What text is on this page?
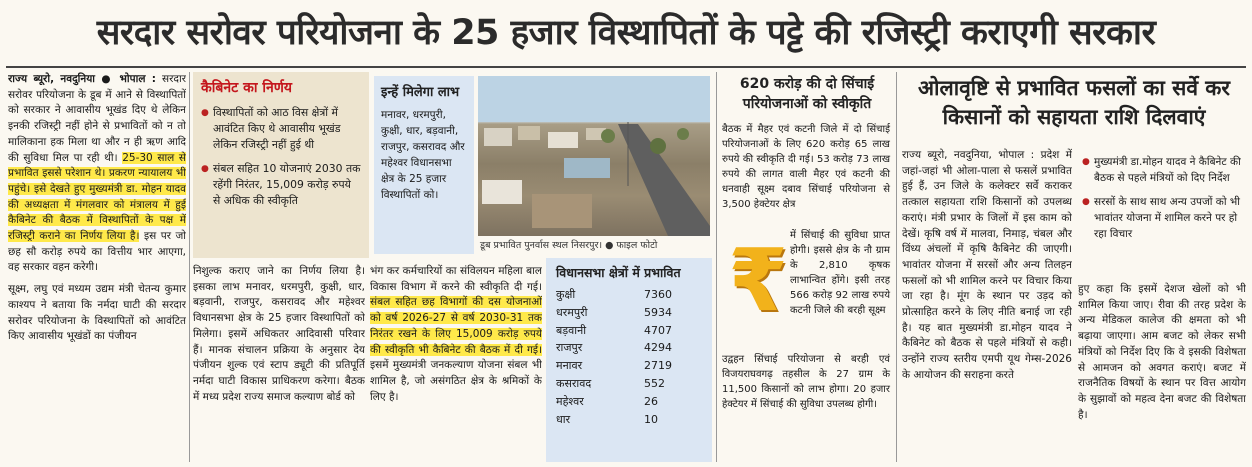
सरदार सरोवर परियोजना के 25 हजार विस्थापितों के पट्टे की रजिस्ट्री कराएगी सरकार
राज्य ब्यूरो, नवदुनिया ● भोपाल : सरदार सरोवर परियोजना के डूब में आने से विस्थापितों को सरकार ने आवासीय भूखंड दिए थे लेकिन इनकी रजिस्ट्री नहीं होने से प्रभावितों को न तो मालिकाना हक मिला था और न ही ऋण आदि की सुविधा मिल पा रही थी। 25-30 साल से प्रभावित इससे परेशान थे। प्रकरण न्यायालय भी पहुंचे। इसे देखते हुए मुख्यमंत्री डा. मोहन यादव की अध्यक्षता में मंगलवार को मंत्रालय में हुई कैबिनेट की बैठक में विस्थापितों के पक्ष में रजिस्ट्री कराने का निर्णय लिया है। इस पर जो छह सौ करोड़ रुपये का वित्तीय भार आएगा, वह सरकार वहन करेगी।
सूक्ष्म, लघु एवं मध्यम उद्यम मंत्री चेतन्य कुमार काश्यप ने बताया कि नर्मदा घाटी की सरदार सरोवर परियोजना के विस्थापितों को आवंटित किए आवासीय भूखंडों का पंजीयन
कैबिनेट का निर्णय
● विस्थापितों को आठ विस क्षेत्रों में आवंटित किए थे आवासीय भूखंड लेकिन रजिस्ट्री नहीं हुई थी
● संबल सहित 10 योजनाएं 2030 तक रहेंगी निरंतर, 15,009 करोड़ रुपये से अधिक की स्वीकृति
इन्हें मिलेगा लाभ
मनावर, धरमपुरी, कुक्षी, धार, बड़वानी, राजपुर, कसरावद और महेश्वर विधानसभा क्षेत्र के 25 हजार विस्थापितों को।
डूब प्रभावित पुनर्वास स्थल निसरपुर। ● फाइल फोटो
निशुल्क कराए जाने का निर्णय लिया है। इसका लाभ मनावर, धरमपुरी, कुक्षी, धार, बड़वानी, राजपुर, कसरावद और महेश्वर विधानसभा क्षेत्र के 25 हजार विस्थापितों को मिलेगा। इसमें अधिकतर आदिवासी परिवार हैं। मानक संचालन प्रक्रिया के अनुसार देय पंजीयन शुल्क एवं स्टाप ड्यूटी की प्रतिपूर्ति नर्मदा घाटी विकास प्राधिकरण करेगा। बैठक में मध्य प्रदेश राज्य समाज कल्याण बोर्ड को
भंग कर कर्मचारियों का संविलयन महिला बाल विकास विभाग में करने की स्वीकृति दी गई। संबल सहित छह विभागों की दस योजनाओं को वर्ष 2026-27 से वर्ष 2030-31 तक निरंतर रखने के लिए 15,009 करोड़ रुपये की स्वीकृति भी कैबिनेट की बैठक में दी गई। इसमें मुख्यमंत्री जनकल्याण योजना संबल भी शामिल है, जो असंगठित क्षेत्र के श्रमिकों के लिए है।
विधानसभा क्षेत्रों में प्रभावित
कुक्षी	7360
धरमपुरी	5934
बड़वानी	4707
राजपुर	4294
मनावर	2719
कसरावद	552
महेश्वर	26
धार	10
620 करोड़ की दो सिंचाई परियोजनाओं को स्वीकृति
बैठक में मैहर एवं कटनी जिले में दो सिंचाई परियोजनाओं के लिए 620 करोड़ 65 लाख रुपये की स्वीकृति दी गई। 53 करोड़ 73 लाख रुपये की लागत वाली मैहर एवं कटनी की धनवाही सूक्ष्म दबाव सिंचाई परियोजना से 3,500 हेक्टेयर क्षेत्र
₹ में सिंचाई की सुविधा प्राप्त होगी। इससे क्षेत्र के नौ ग्राम के 2,810 कृषक लाभान्वित होंगे। इसी तरह 566 करोड़ 92 लाख रुपये कटनी जिले की बरही सूक्ष्म
उद्वहन सिंचाई परियोजना से बरही एवं विजयराघवगढ़ तहसील के 27 ग्राम के 11,500 किसानों को लाभ होगा। 20 हजार हेक्टेयर में सिंचाई की सुविधा उपलब्ध होगी।
ओलावृष्टि से प्रभावित फसलों का सर्वे कर किसानों को सहायता राशि दिलवाएं
राज्य ब्यूरो, नवदुनिया, भोपाल : प्रदेश में जहां-जहां भी ओला-पाला से फसलें प्रभावित हुई हैं, उन जिले के कलेक्टर सर्वे कराकर तत्काल सहायता राशि किसानों को उपलब्ध कराएं। मंत्री प्रभार के जिलों में इस काम को देखें। कृषि वर्ष में मालवा, निमाड़, चंबल और विंध्य अंचलों में कृषि कैबिनेट की जाएगी। भावांतर योजना में सरसों और अन्य तिलहन फसलों को भी शामिल करने पर विचार किया जा रहा है। मूंग के स्थान पर उड़द को प्रोत्साहित करने के लिए नीति बनाई जा रही है। यह बात मुख्यमंत्री डा.मोहन यादव ने कैबिनेट को बैठक से पहले मंत्रियों से कही। उन्होंने राज्य स्तरीय एमपी यूथ गेम्स-2026 के आयोजन की सराहना करते
● मुख्यमंत्री डा.मोहन यादव ने कैबिनेट की बैठक से पहले मंत्रियों को दिए निर्देश
● सरसों के साथ साथ अन्य उपजों को भी भावांतर योजना में शामिल करने पर हो रहा विचार
हुए कहा कि इसमें देशज खेलों को भी शामिल किया जाए। रीवा की तरह प्रदेश के अन्य मेडिकल कालेज की क्षमता को भी बढ़ाया जाएगा। आम बजट को लेकर सभी मंत्रियों को निर्देश दिए कि वे इसकी विशेषता से आमजन को अवगत कराएं। बजट में राजनैतिक विषयों के स्थान पर वित्त आयोग के सुझावों को महत्व देना बजट की विशेषता है।
